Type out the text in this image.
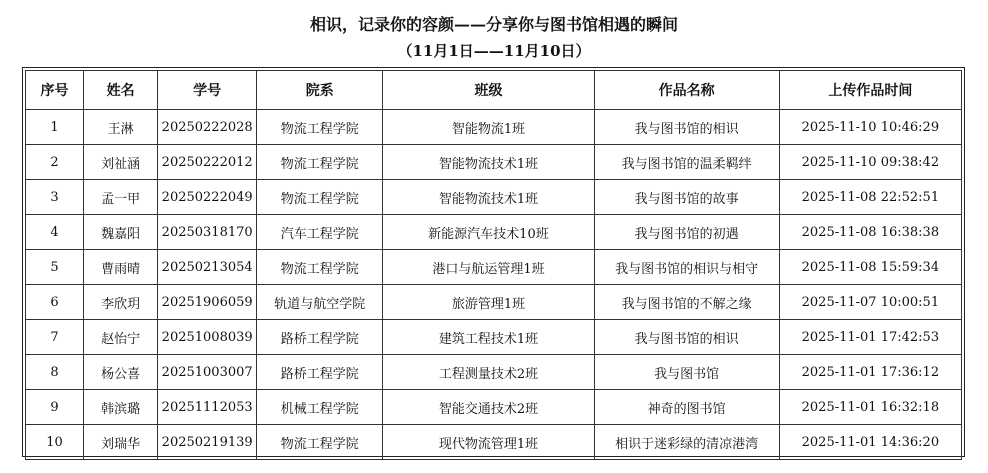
相识，记录你的容颜——分享你与图书馆相遇的瞬间
（11月1日——11月10日）
序号	姓名	学号	院系	班级	作品名称	上传作品时间
1	王淋	20250222028	物流工程学院	智能物流1班	我与图书馆的相识	2025-11-10 10:46:29
2	刘祉涵	20250222012	物流工程学院	智能物流技术1班	我与图书馆的温柔羁绊	2025-11-10 09:38:42
3	孟一甲	20250222049	物流工程学院	智能物流技术1班	我与图书馆的故事	2025-11-08 22:52:51
4	魏嘉阳	20250318170	汽车工程学院	新能源汽车技术10班	我与图书馆的初遇	2025-11-08 16:38:38
5	曹雨晴	20250213054	物流工程学院	港口与航运管理1班	我与图书馆的相识与相守	2025-11-08 15:59:34
6	李欣玥	20251906059	轨道与航空学院	旅游管理1班	我与图书馆的不解之缘	2025-11-07 10:00:51
7	赵怡宁	20251008039	路桥工程学院	建筑工程技术1班	我与图书馆的相识	2025-11-01 17:42:53
8	杨公喜	20251003007	路桥工程学院	工程测量技术2班	我与图书馆	2025-11-01 17:36:12
9	韩滨璐	20251112053	机械工程学院	智能交通技术2班	神奇的图书馆	2025-11-01 16:32:18
10	刘瑞华	20250219139	物流工程学院	现代物流管理1班	相识于迷彩绿的清凉港湾	2025-11-01 14:36:20
